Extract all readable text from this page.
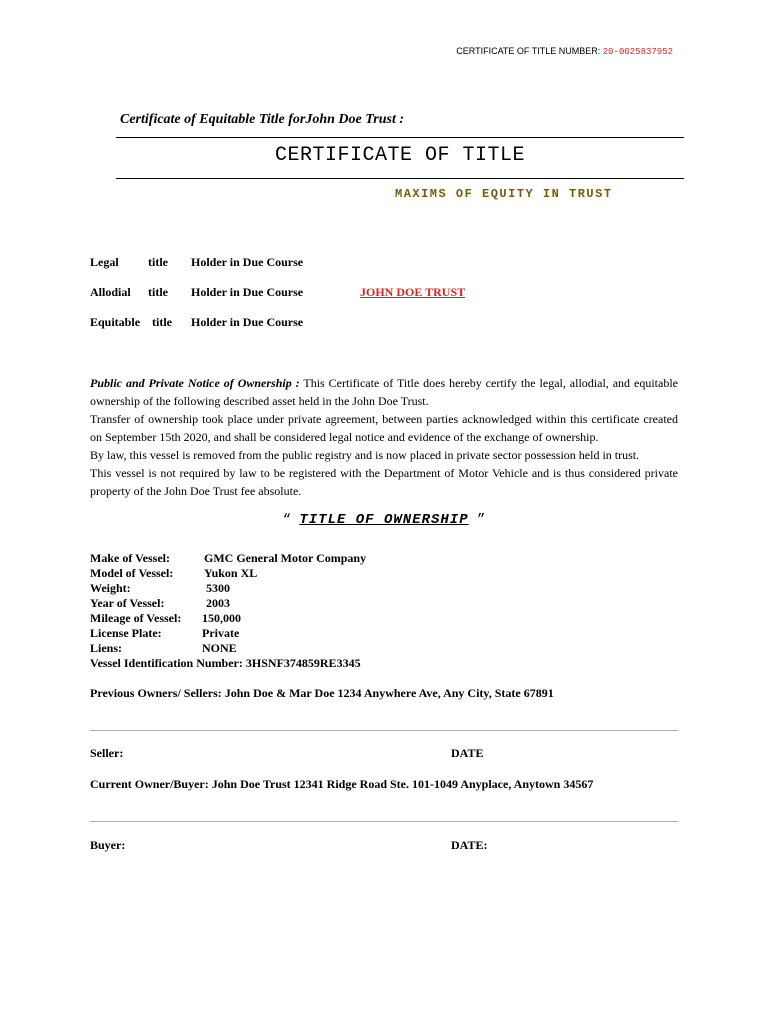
CERTIFICATE OF TITLE NUMBER: 20-0025837952
Certificate of Equitable Title forJohn Doe Trust :
CERTIFICATE OF TITLE
MAXIMS OF EQUITY IN TRUST
Legal title Holder in Due Course
Allodial title Holder in Due Course	JOHN DOE TRUST
Equitable title Holder in Due Course

Public and Private Notice of Ownership : This Certificate of Title does hereby certify the legal, allodial, and equitable ownership of the following described asset held in the John Doe Trust.

Transfer of ownership took place under private agreement, between parties acknowledged within this certificate created on September 15th 2020, and shall be considered legal notice and evidence of the exchange of ownership.

By law, this vessel is removed from the public registry and is now placed in private sector possession held in trust.

This vessel is not required by law to be registered with the Department of Motor Vehicle and is thus considered private property of the John Doe Trust fee absolute.

“ TITLE OF OWNERSHIP ”
Make of Vessel:	GMC General Motor Company
Model of Vessel:	Yukon XL
Weight:	5300
Year of Vessel:	2003
Mileage of Vessel: 150,000
License Plate:	Private
Liens:	NONE
Vessel Identification Number: 3HSNF374859RE3345
Previous Owners/ Sellers: John Doe & Mar Doe 1234 Anywhere Ave, Any City, State 67891
Seller:	DATE
Current Owner/Buyer: John Doe Trust 12341 Ridge Road Ste. 101-1049 Anyplace, Anytown 34567
Buyer:	DATE:
